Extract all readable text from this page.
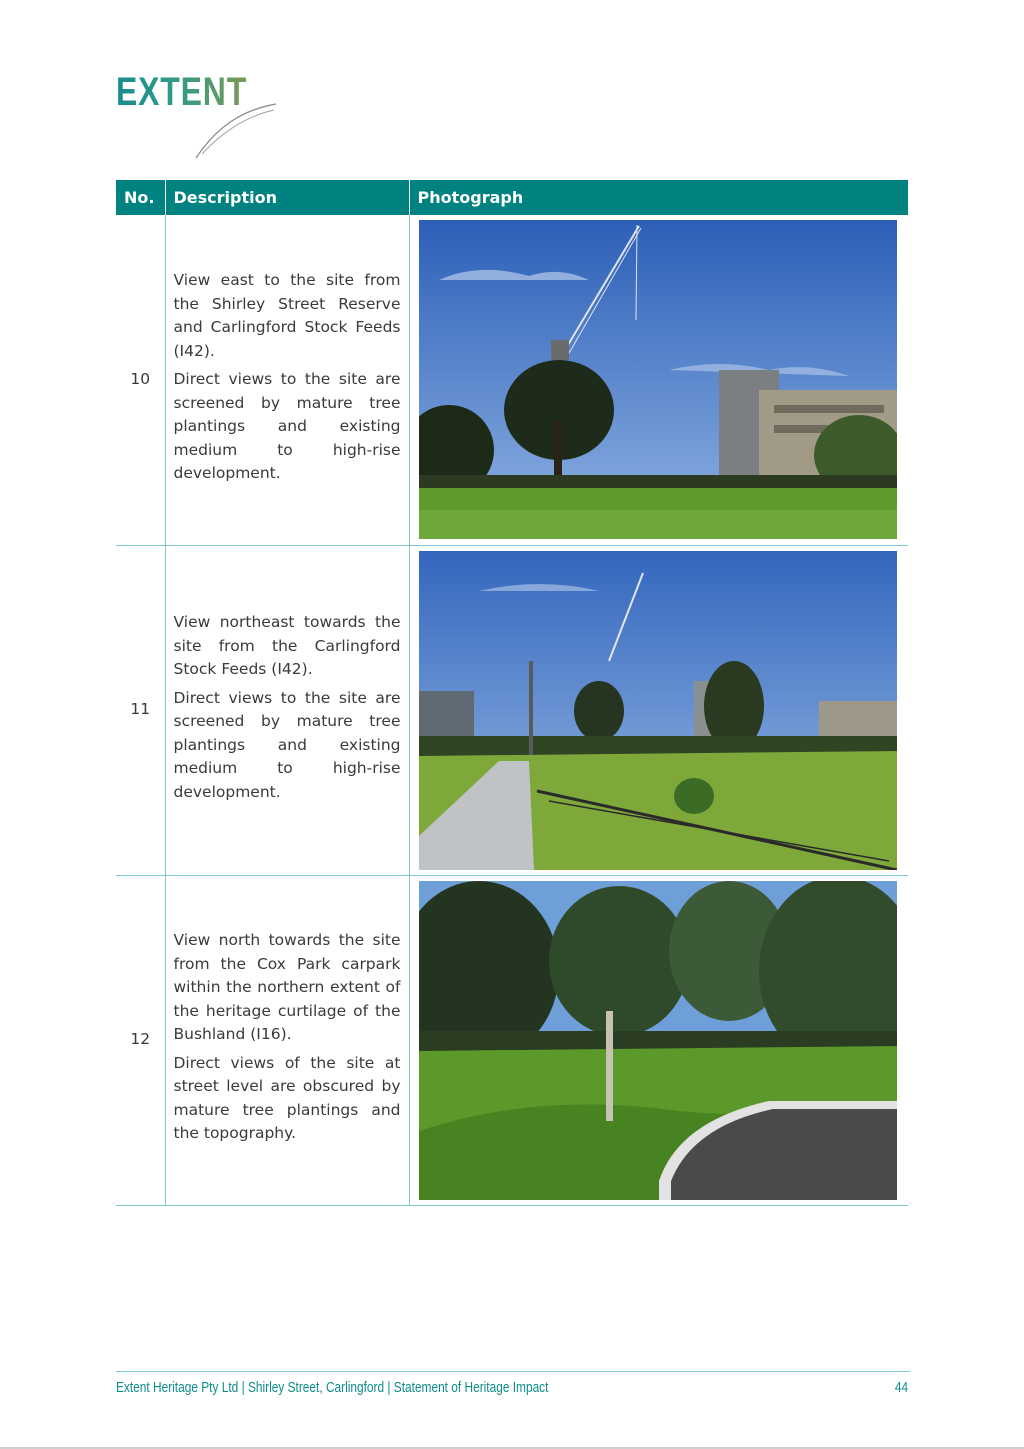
EXTENT
No.	Description	Photograph
10	View east to the site from the Shirley Street Reserve and Carlingford Stock Feeds (I42).

Direct views to the site are screened by mature tree plantings and existing medium to high-rise development.

11	View northeast towards the site from the Carlingford Stock Feeds (I42).

Direct views to the site are screened by mature tree plantings and existing medium to high-rise development.

12	View north towards the site from the Cox Park carpark within the northern extent of the heritage curtilage of the Bushland (I16).

Direct views of the site at street level are obscured by mature tree plantings and the topography.

Extent Heritage Pty Ltd | Shirley Street, Carlingford | Statement of Heritage Impact	44
